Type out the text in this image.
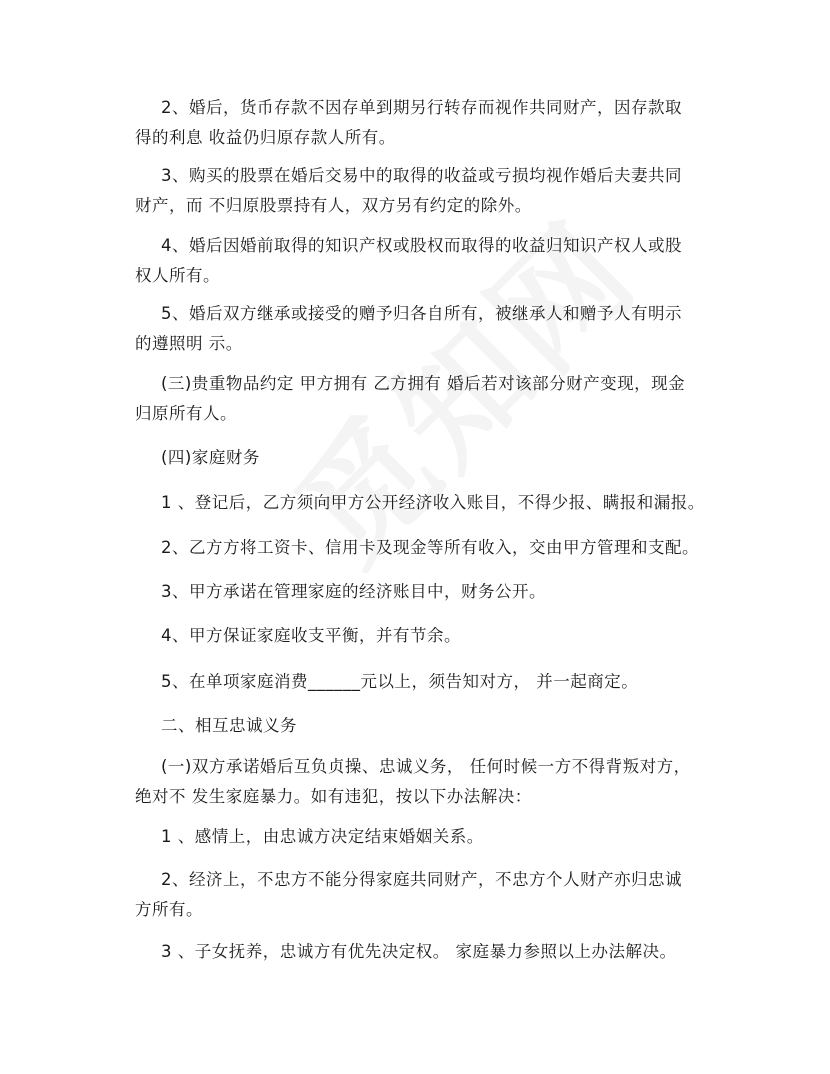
2、婚后，货币存款不因存单到期另行转存而视作共同财产，因存款取
得的利息 收益仍归原存款人所有。

3、购买的股票在婚后交易中的取得的收益或亏损均视作婚后夫妻共同
财产，而 不归原股票持有人，双方另有约定的除外。

4、婚后因婚前取得的知识产权或股权而取得的收益归知识产权人或股
权人所有。

5、婚后双方继承或接受的赠予归各自所有，被继承人和赠予人有明示
的遵照明 示。

(三)贵重物品约定 甲方拥有 乙方拥有 婚后若对该部分财产变现，现金
归原所有人。

(四)家庭财务

1 、登记后，乙方须向甲方公开经济收入账目，不得少报、瞒报和漏报。

2、乙方方将工资卡、信用卡及现金等所有收入，交由甲方管理和支配。

3、甲方承诺在管理家庭的经济账目中，财务公开。

4、甲方保证家庭收支平衡，并有节余。

5、在单项家庭消费______元以上，须告知对方， 并一起商定。

二、相互忠诚义务

(一)双方承诺婚后互负贞操、忠诚义务， 任何时候一方不得背叛对方，
绝对不 发生家庭暴力。如有违犯，按以下办法解决：

1 、感情上，由忠诚方决定结束婚姻关系。

2、经济上，不忠方不能分得家庭共同财产，不忠方个人财产亦归忠诚
方所有。

3 、子女抚养，忠诚方有优先决定权。 家庭暴力参照以上办法解决。
